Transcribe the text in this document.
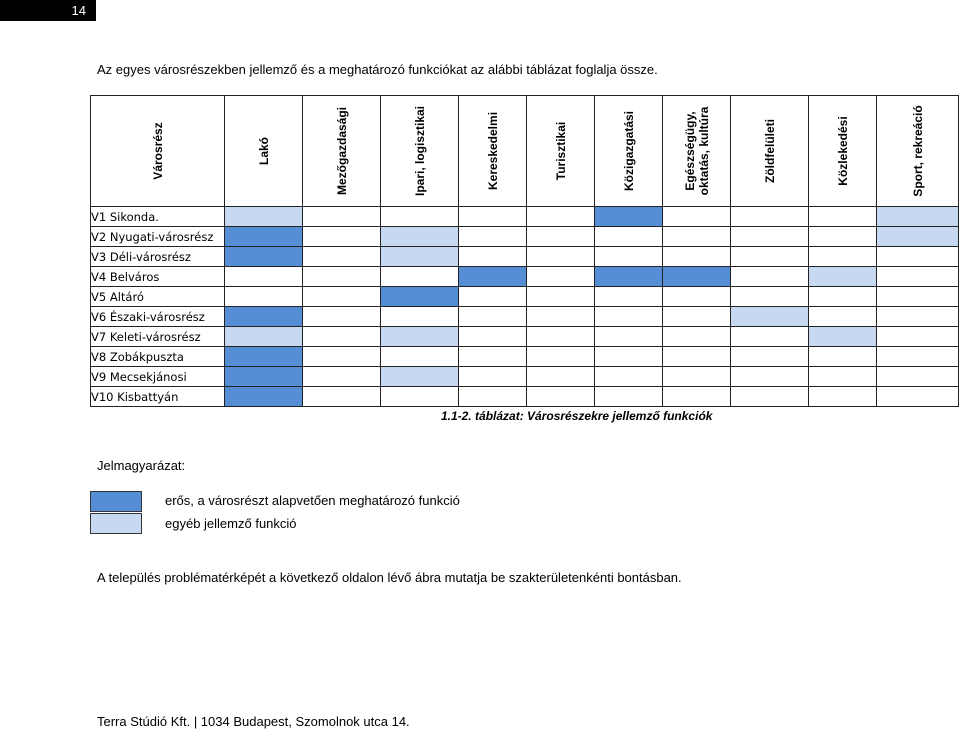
14
Az egyes városrészekben jellemző és a meghatározó funkciókat az alábbi táblázat foglalja össze.
Városrész	Lakó	Mezőgazdasági	Ipari, logisztikai	Kereskedelmi	Turisztikai	Közigazgatási	Egészségügy,
oktatás, kultúra	Zöldfelületi	Közlekedési	Sport, rekreáció

V1 Sikonda.										
V2 Nyugati-városrész										
V3 Déli-városrész										
V4 Belváros										
V5 Altáró										
V6 Északi-városrész										
V7 Keleti-városrész										
V8 Zobákpuszta										
V9 Mecsekjánosi										
V10 Kisbattyán										
1.1-2. táblázat: Városrészekre jellemző funkciók
Jelmagyarázat:
erős, a városrészt alapvetően meghatározó funkció
egyéb jellemző funkció
A település problématérképét a következő oldalon lévő ábra mutatja be szakterületenkénti bontásban.
Terra Stúdió Kft. | 1034 Budapest, Szomolnok utca 14.
